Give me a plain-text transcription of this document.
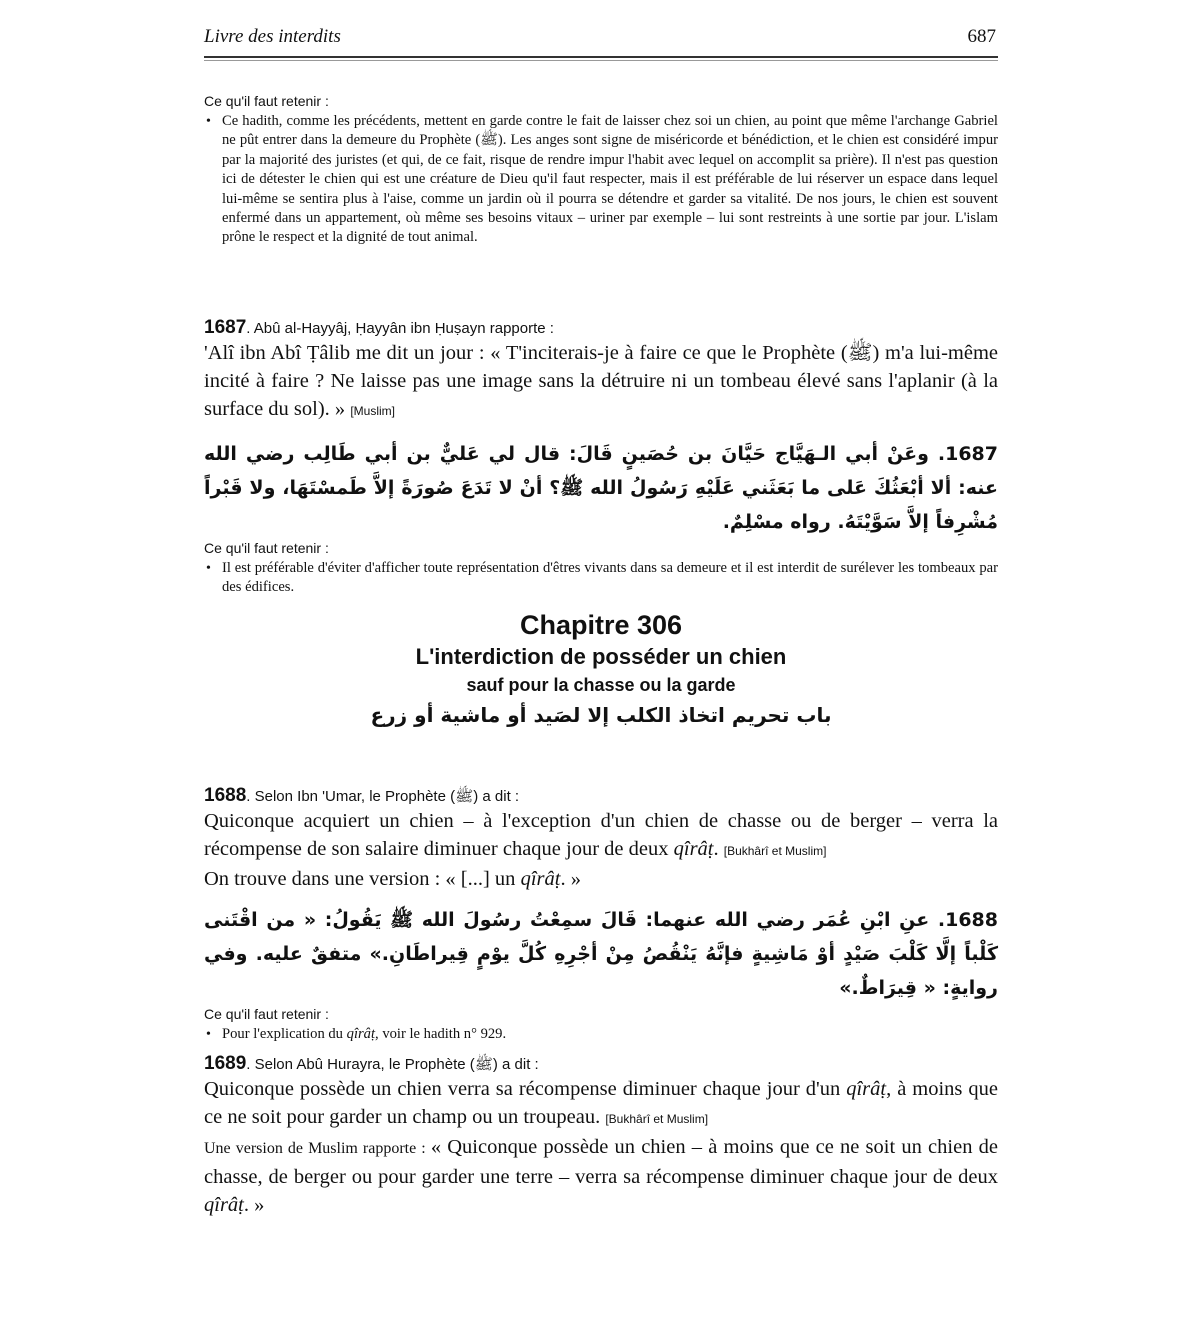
Livre des interdits	687
Ce qu'il faut retenir :
• Ce hadith, comme les précédents, mettent en garde contre le fait de laisser chez soi un chien, au point que même l'archange Gabriel ne pût entrer dans la demeure du Prophète (ﷺ). Les anges sont signe de miséricorde et bénédiction, et le chien est considéré impur par la majorité des juristes (et qui, de ce fait, risque de rendre impur l'habit avec lequel on accomplit sa prière). Il n'est pas question ici de détester le chien qui est une créature de Dieu qu'il faut respecter, mais il est préférable de lui réserver un espace dans lequel lui-même se sentira plus à l'aise, comme un jardin où il pourra se détendre et garder sa vitalité. De nos jours, le chien est souvent enfermé dans un appartement, où même ses besoins vitaux – uriner par exemple – lui sont restreints à une sortie par jour. L'islam prône le respect et la dignité de tout animal.
1687. Abû al-Hayyâj, Ḥayyân ibn Ḥuṣayn rapporte :
'Alî ibn Abî Ṭâlib me dit un jour : « T'inciterais-je à faire ce que le Prophète (ﷺ) m'a lui-même incité à faire ? Ne laisse pas une image sans la détruire ni un tombeau élevé sans l'aplanir (à la surface du sol). » [Muslim]
1687. وعَنْ أبي الـهَيَّاج حَيَّانَ بن حُصَينٍ قَالَ: قال لي عَليٌّ بن أبي طَالِب رضي الله عنه: ألا أبْعَثُكَ عَلى ما بَعَثَني عَلَيْهِ رَسُولُ الله ﷺ؟ أنْ لا تَدَعَ صُورَةً إلاَّ طَمسْتَهَا، ولا قَبْراً مُشْرِفاً إلاَّ سَوَّيْتَهُ. رواه مسْلِمٌ.
Ce qu'il faut retenir :
• Il est préférable d'éviter d'afficher toute représentation d'êtres vivants dans sa demeure et il est interdit de surélever les tombeaux par des édifices.
Chapitre 306
L'interdiction de posséder un chien
sauf pour la chasse ou la garde
باب تحريم اتخاذ الكلب إلا لصَيد أو ماشية أو زرع
1688. Selon Ibn 'Umar, le Prophète (ﷺ) a dit :
Quiconque acquiert un chien – à l'exception d'un chien de chasse ou de berger – verra la récompense de son salaire diminuer chaque jour de deux qîrâṭ. [Bukhârî et Muslim]
On trouve dans une version : « [...] un qîrâṭ. »
1688. عنِ ابْنِ عُمَر رضي الله عنهما: قَالَ سمِعْتُ رسُولَ الله ﷺ يَقُولُ: « من اقْتَنى كَلْباً إلَّا كَلْبَ صَيْدٍ أوْ مَاشِيةٍ فإنَّهُ يَنْقُصُ مِنْ أجْرِهِ كُلَّ يوْمٍ قِيراطَانِ.» متفقٌ عليه. وفي روايةٍ: « قِيرَاطٌ.»
Ce qu'il faut retenir :
• Pour l'explication du qîrâṭ, voir le hadith n° 929.
1689. Selon Abû Hurayra, le Prophète (ﷺ) a dit :
Quiconque possède un chien verra sa récompense diminuer chaque jour d'un qîrâṭ, à moins que ce ne soit pour garder un champ ou un troupeau. [Bukhârî et Muslim]
Une version de Muslim rapporte : « Quiconque possède un chien – à moins que ce ne soit un chien de chasse, de berger ou pour garder une terre – verra sa récompense diminuer chaque jour de deux qîrâṭ. »
